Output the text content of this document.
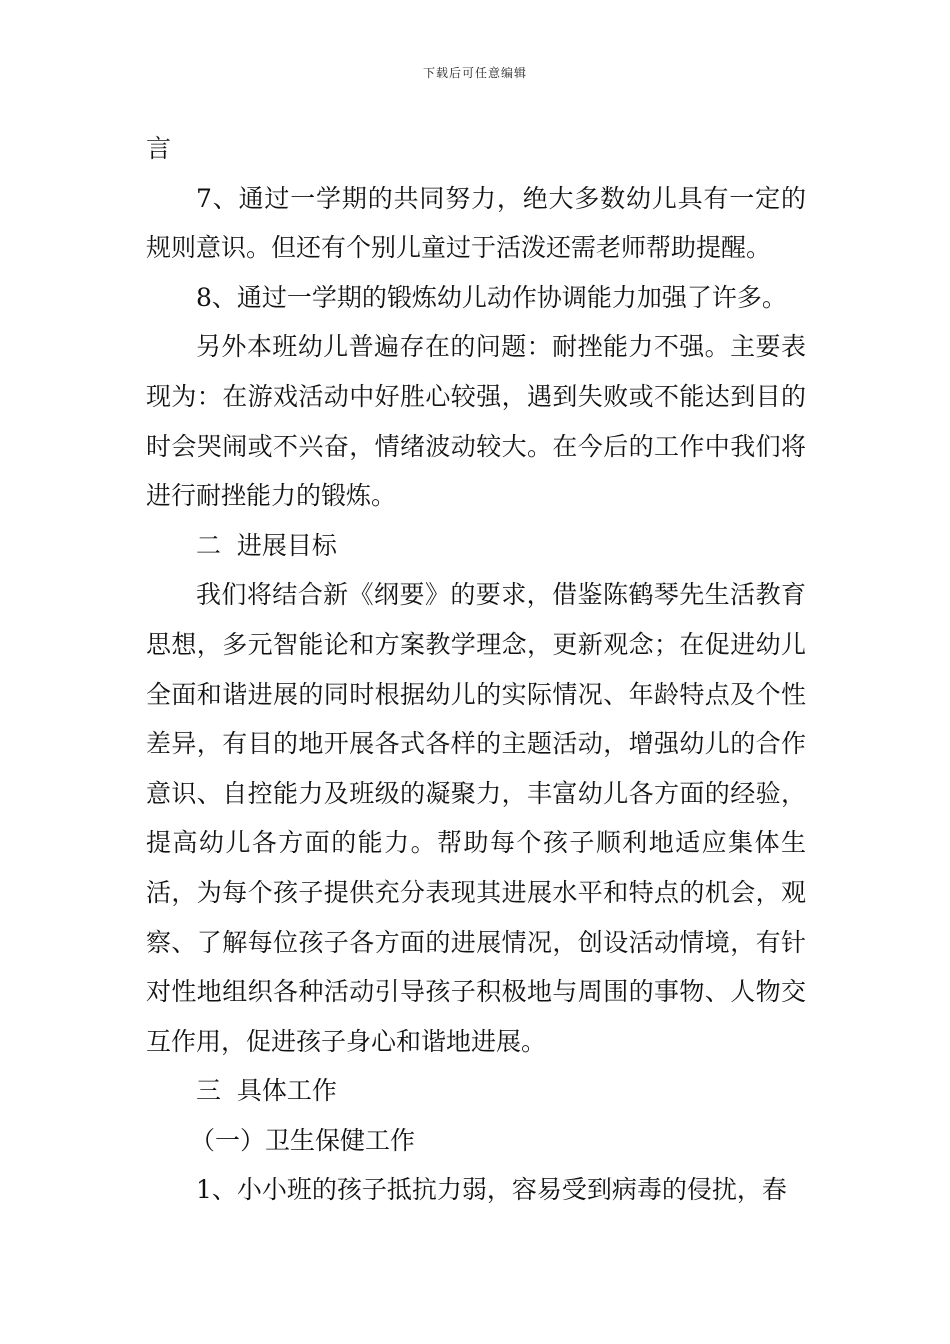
下载后可任意编辑

言

7、通过一学期的共同努力，绝大多数幼儿具有一定的规则意识。但还有个别儿童过于活泼还需老师帮助提醒。

8、通过一学期的锻炼幼儿动作协调能力加强了许多。

另外本班幼儿普遍存在的问题：耐挫能力不强。主要表现为：在游戏活动中好胜心较强，遇到失败或不能达到目的时会哭闹或不兴奋，情绪波动较大。在今后的工作中我们将进行耐挫能力的锻炼。

二  进展目标

我们将结合新《纲要》的要求，借鉴陈鹤琴先生活教育思想，多元智能论和方案教学理念，更新观念；在促进幼儿全面和谐进展的同时根据幼儿的实际情况、年龄特点及个性差异，有目的地开展各式各样的主题活动，增强幼儿的合作意识、自控能力及班级的凝聚力，丰富幼儿各方面的经验，提高幼儿各方面的能力。帮助每个孩子顺利地适应集体生活，为每个孩子提供充分表现其进展水平和特点的机会，观察、了解每位孩子各方面的进展情况，创设活动情境，有针对性地组织各种活动引导孩子积极地与周围的事物、人物交互作用，促进孩子身心和谐地进展。

三  具体工作

（一）卫生保健工作

1、小小班的孩子抵抗力弱，容易受到病毒的侵扰，春
